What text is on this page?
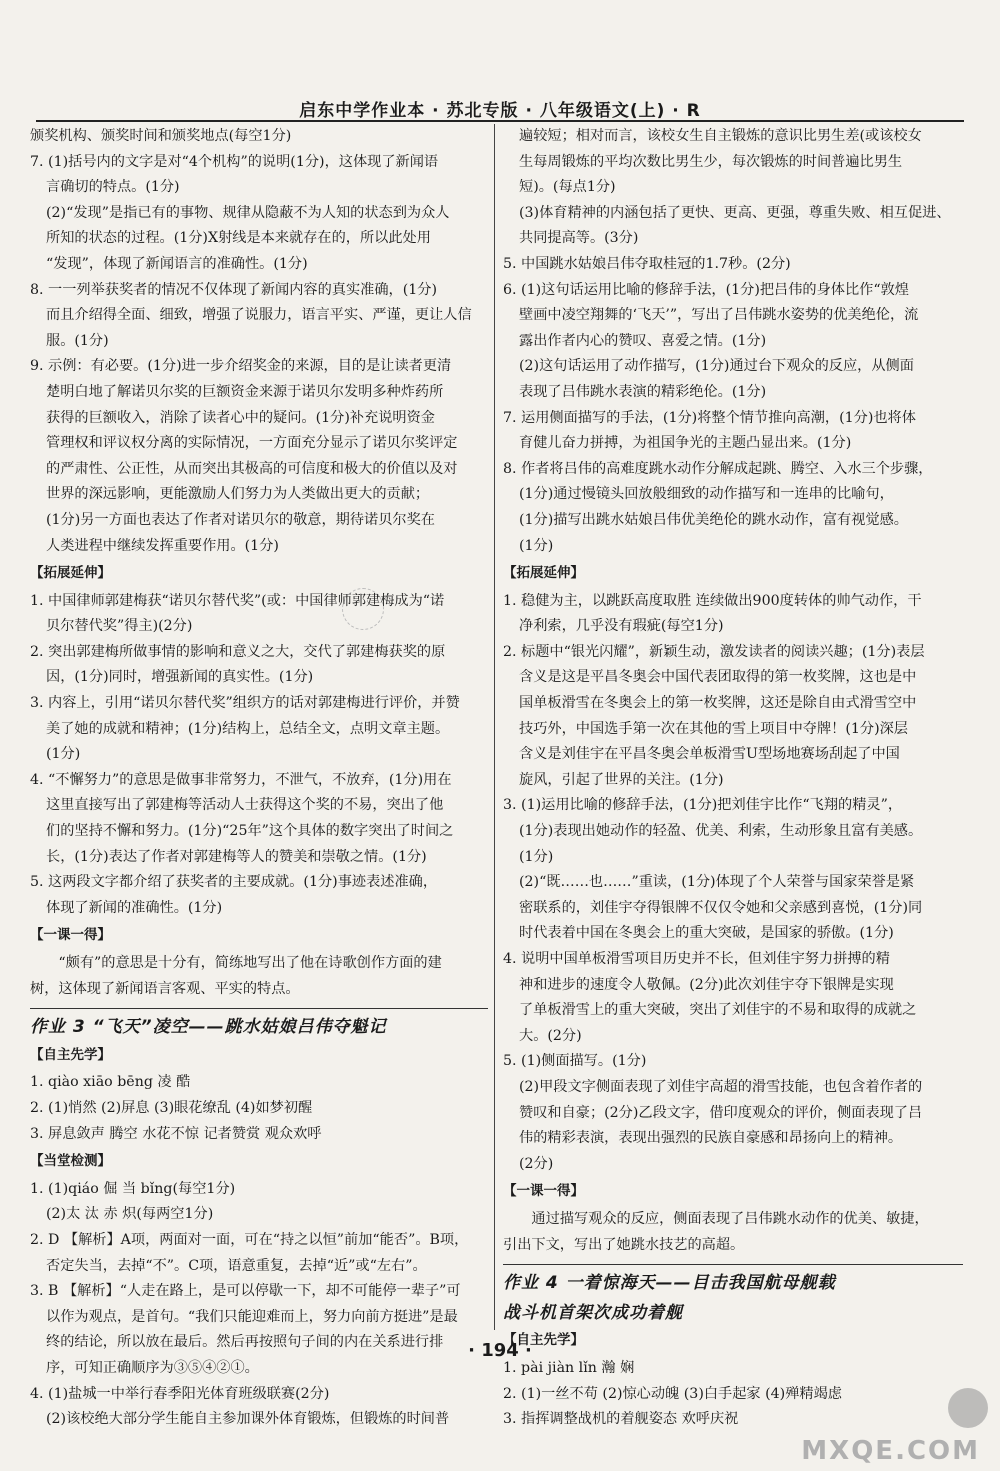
启东中学作业本 · 苏北专版 · 八年级语文(上) · R
颁奖机构、颁奖时间和颁奖地点(每空1分)
7. (1)括号内的文字是对“4个机构”的说明(1分)，这体现了新闻语
言确切的特点。(1分)
(2)“发现”是指已有的事物、规律从隐蔽不为人知的状态到为众人
所知的状态的过程。(1分)X射线是本来就存在的，所以此处用
“发现”，体现了新闻语言的准确性。(1分)
8. 一一列举获奖者的情况不仅体现了新闻内容的真实准确，(1分)
而且介绍得全面、细致，增强了说服力，语言平实、严谨，更让人信
服。(1分)
9. 示例：有必要。(1分)进一步介绍奖金的来源，目的是让读者更清
楚明白地了解诺贝尔奖的巨额资金来源于诺贝尔发明多种炸药所
获得的巨额收入，消除了读者心中的疑问。(1分)补充说明资金
管理权和评议权分离的实际情况，一方面充分显示了诺贝尔奖评定
的严肃性、公正性，从而突出其极高的可信度和极大的价值以及对
世界的深远影响，更能激励人们努力为人类做出更大的贡献；
(1分)另一方面也表达了作者对诺贝尔的敬意，期待诺贝尔奖在
人类进程中继续发挥重要作用。(1分)
【拓展延伸】
1. 中国律师郭建梅获“诺贝尔替代奖”(或：中国律师郭建梅成为“诺
贝尔替代奖”得主)(2分)
2. 突出郭建梅所做事情的影响和意义之大，交代了郭建梅获奖的原
因，(1分)同时，增强新闻的真实性。(1分)
3. 内容上，引用“诺贝尔替代奖”组织方的话对郭建梅进行评价，并赞
美了她的成就和精神；(1分)结构上，总结全文，点明文章主题。
(1分)
4. “不懈努力”的意思是做事非常努力，不泄气，不放弃，(1分)用在
这里直接写出了郭建梅等活动人士获得这个奖的不易，突出了他
们的坚持不懈和努力。(1分)“25年”这个具体的数字突出了时间之
长，(1分)表达了作者对郭建梅等人的赞美和崇敬之情。(1分)
5. 这两段文字都介绍了获奖者的主要成就。(1分)事迹表述准确，
体现了新闻的准确性。(1分)
【一课一得】
“颇有”的意思是十分有，简练地写出了他在诗歌创作方面的建
树，这体现了新闻语言客观、平实的特点。
作业 3 “飞天”凌空——跳水姑娘吕伟夺魁记
【自主先学】
1. qiào xiāo bēng 凌 酷
2. (1)悄然 (2)屏息 (3)眼花缭乱 (4)如梦初醒
3. 屏息敛声 腾空 水花不惊 记者赞赏 观众欢呼
【当堂检测】
1. (1)qiáo 倔 当 bǐng(每空1分)
(2)太 汰 赤 炽(每两空1分)
2. D 【解析】A项，两面对一面，可在“持之以恒”前加“能否”。B项，
否定失当，去掉“不”。C项，语意重复，去掉“近”或“左右”。
3. B 【解析】“人走在路上，是可以停歇一下，却不可能停一辈子”可
以作为观点，是首句。“我们只能迎难而上，努力向前方挺进”是最
终的结论，所以放在最后。然后再按照句子间的内在关系进行排
序，可知正确顺序为③⑤④②①。
4. (1)盐城一中举行春季阳光体育班级联赛(2分)
(2)该校绝大部分学生能自主参加课外体育锻炼，但锻炼的时间普
遍较短；相对而言，该校女生自主锻炼的意识比男生差(或该校女
生每周锻炼的平均次数比男生少，每次锻炼的时间普遍比男生
短)。(每点1分)
(3)体育精神的内涵包括了更快、更高、更强，尊重失败、相互促进、
共同提高等。(3分)
5. 中国跳水姑娘吕伟夺取桂冠的1.7秒。(2分)
6. (1)这句话运用比喻的修辞手法，(1分)把吕伟的身体比作“敦煌
壁画中凌空翔舞的‘飞天’”，写出了吕伟跳水姿势的优美绝伦，流
露出作者内心的赞叹、喜爱之情。(1分)
(2)这句话运用了动作描写，(1分)通过台下观众的反应，从侧面
表现了吕伟跳水表演的精彩绝伦。(1分)
7. 运用侧面描写的手法，(1分)将整个情节推向高潮，(1分)也将体
育健儿奋力拼搏，为祖国争光的主题凸显出来。(1分)
8. 作者将吕伟的高难度跳水动作分解成起跳、腾空、入水三个步骤，
(1分)通过慢镜头回放般细致的动作描写和一连串的比喻句，
(1分)描写出跳水姑娘吕伟优美绝伦的跳水动作，富有视觉感。
(1分)
【拓展延伸】
1. 稳健为主，以跳跃高度取胜 连续做出900度转体的帅气动作，干
净利索，几乎没有瑕疵(每空1分)
2. 标题中“银光闪耀”，新颖生动，激发读者的阅读兴趣；(1分)表层
含义是这是平昌冬奥会中国代表团取得的第一枚奖牌，这也是中
国单板滑雪在冬奥会上的第一枚奖牌，这还是除自由式滑雪空中
技巧外，中国选手第一次在其他的雪上项目中夺牌！(1分)深层
含义是刘佳宇在平昌冬奥会单板滑雪U型场地赛场刮起了中国
旋风，引起了世界的关注。(1分)
3. (1)运用比喻的修辞手法，(1分)把刘佳宇比作“飞翔的精灵”，
(1分)表现出她动作的轻盈、优美、利索，生动形象且富有美感。
(1分)
(2)“既……也……”重读，(1分)体现了个人荣誉与国家荣誉是紧
密联系的，刘佳宇夺得银牌不仅仅令她和父亲感到喜悦，(1分)同
时代表着中国在冬奥会上的重大突破，是国家的骄傲。(1分)
4. 说明中国单板滑雪项目历史并不长，但刘佳宇努力拼搏的精
神和进步的速度令人敬佩。(2分)此次刘佳宇夺下银牌是实现
了单板滑雪上的重大突破，突出了刘佳宇的不易和取得的成就之
大。(2分)
5. (1)侧面描写。(1分)
(2)甲段文字侧面表现了刘佳宇高超的滑雪技能，也包含着作者的
赞叹和自豪；(2分)乙段文字，借印度观众的评价，侧面表现了吕
伟的精彩表演，表现出强烈的民族自豪感和昂扬向上的精神。
(2分)
【一课一得】
通过描写观众的反应，侧面表现了吕伟跳水动作的优美、敏捷，
引出下文，写出了她跳水技艺的高超。
作业 4 一着惊海天——目击我国航母舰载
战斗机首架次成功着舰
【自主先学】
1. pài jiàn lǐn 瀚 娴
2. (1)一丝不苟 (2)惊心动魄 (3)白手起家 (4)殚精竭虑
3. 指挥调整战机的着舰姿态 欢呼庆祝
· 194 ·
MXQE.COM
